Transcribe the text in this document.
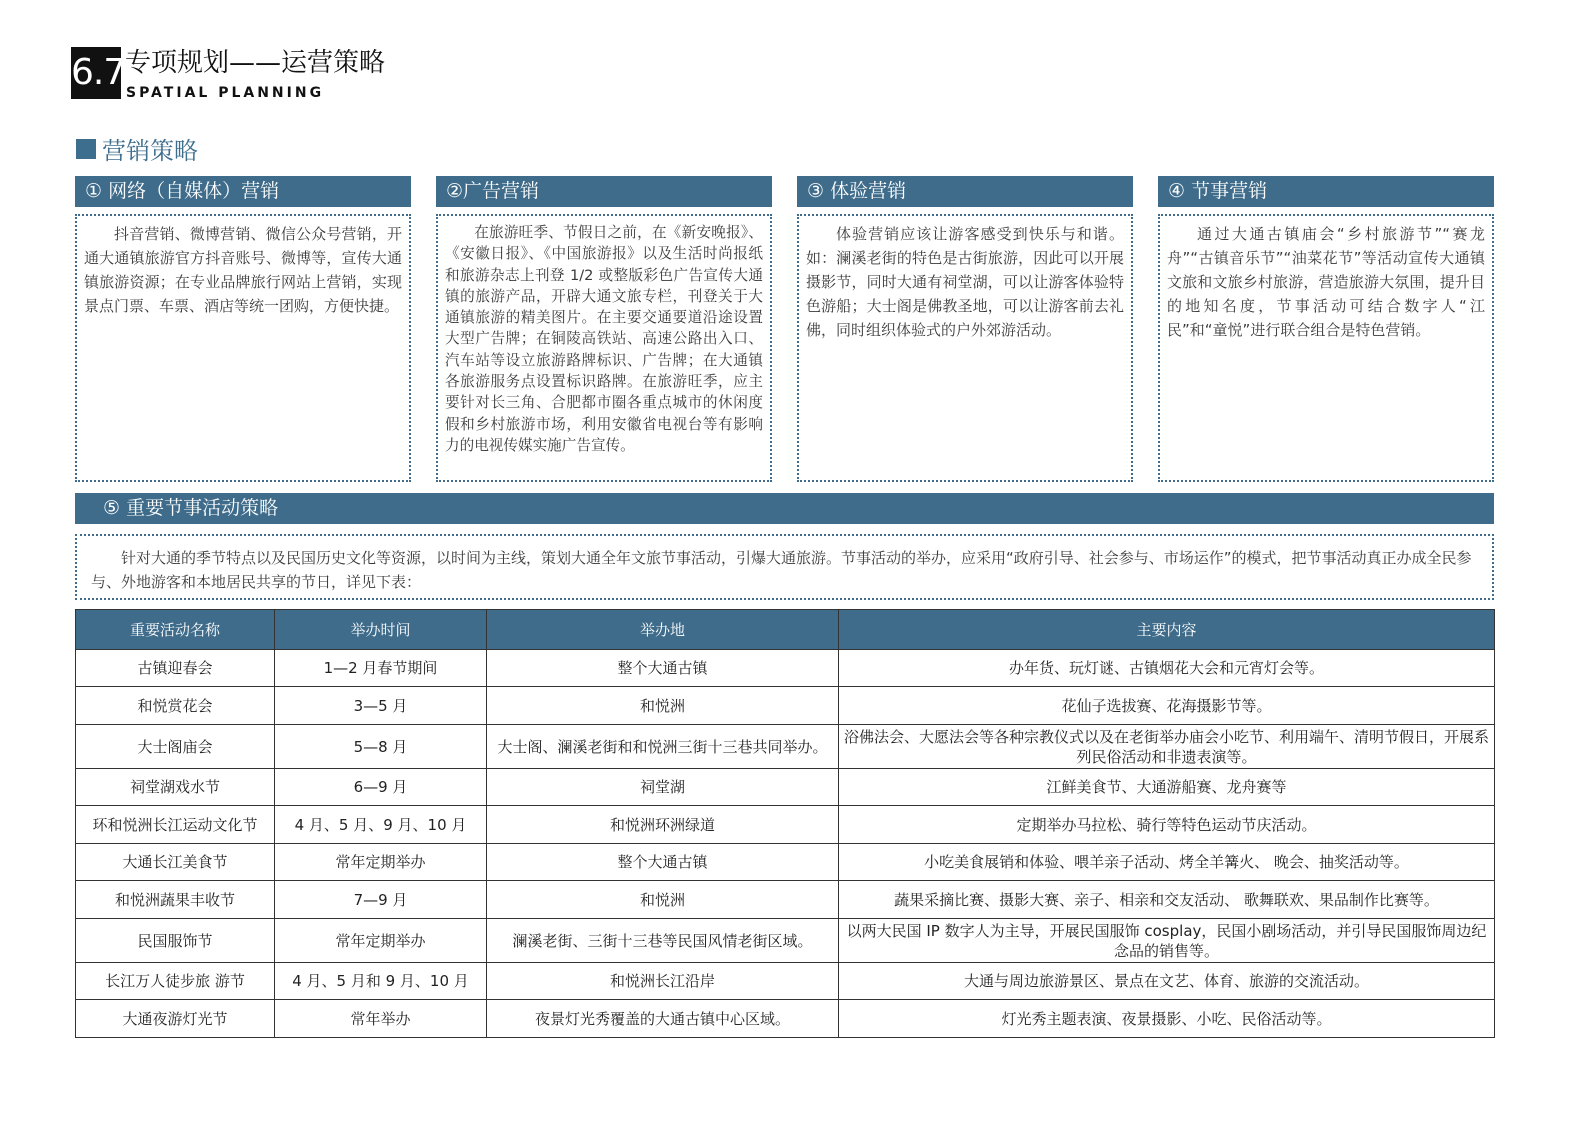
6.7 专项规划——运营策略
SPATIAL PLANNING
营销策略
① 网络（自媒体）营销
抖音营销、微博营销、微信公众号营销，开通大通镇旅游官方抖音账号、微博等，宣传大通镇旅游资源；在专业品牌旅行网站上营销，实现景点门票、车票、酒店等统一团购，方便快捷。
②广告营销
在旅游旺季、节假日之前，在《新安晚报》、《安徽日报》、《中国旅游报》以及生活时尚报纸和旅游杂志上刊登 1/2 或整版彩色广告宣传大通镇的旅游产品，开辟大通文旅专栏，刊登关于大通镇旅游的精美图片。在主要交通要道沿途设置大型广告牌；在铜陵高铁站、高速公路出入口、汽车站等设立旅游路牌标识、广告牌；在大通镇各旅游服务点设置标识路牌。在旅游旺季，应主要针对长三角、合肥都市圈各重点城市的休闲度假和乡村旅游市场，利用安徽省电视台等有影响力的电视传媒实施广告宣传。
③ 体验营销
体验营销应该让游客感受到快乐与和谐。如：澜溪老街的特色是古街旅游，因此可以开展摄影节，同时大通有祠堂湖，可以让游客体验特色游船；大士阁是佛教圣地，可以让游客前去礼佛，同时组织体验式的户外郊游活动。
④ 节事营销
通过大通古镇庙会“乡村旅游节”“赛龙舟”“古镇音乐节”“油菜花节”等活动宣传大通镇文旅和文旅乡村旅游，营造旅游大氛围，提升目的地知名度，节事活动可结合数字人“江民”和“童悦”进行联合组合是特色营销。
⑤ 重要节事活动策略
针对大通的季节特点以及民国历史文化等资源，以时间为主线，策划大通全年文旅节事活动，引爆大通旅游。节事活动的举办，应采用“政府引导、社会参与、市场运作”的模式，把节事活动真正办成全民参与、外地游客和本地居民共享的节日，详见下表：
重要活动名称	举办时间	举办地	主要内容
古镇迎春会	1—2 月春节期间	整个大通古镇	办年货、玩灯谜、古镇烟花大会和元宵灯会等。
和悦赏花会	3—5 月	和悦洲	花仙子选拔赛、花海摄影节等。
大士阁庙会	5—8 月	大士阁、澜溪老街和和悦洲三街十三巷共同举办。	浴佛法会、大愿法会等各种宗教仪式以及在老街举办庙会小吃节、利用端午、清明节假日，开展系列民俗活动和非遗表演等。
祠堂湖戏水节	6—9 月	祠堂湖	江鲜美食节、大通游船赛、龙舟赛等
环和悦洲长江运动文化节	4 月、5 月、9 月、10 月	和悦洲环洲绿道	定期举办马拉松、骑行等特色运动节庆活动。
大通长江美食节	常年定期举办	整个大通古镇	小吃美食展销和体验、喂羊亲子活动、烤全羊篝火、 晚会、抽奖活动等。
和悦洲蔬果丰收节	7—9 月	和悦洲	蔬果采摘比赛、摄影大赛、亲子、相亲和交友活动、 歌舞联欢、果品制作比赛等。
民国服饰节	常年定期举办	澜溪老街、三街十三巷等民国风情老街区域。	以两大民国 IP 数字人为主导，开展民国服饰 cosplay，民国小剧场活动，并引导民国服饰周边纪念品的销售等。
长江万人徒步旅 游节	4 月、5 月和 9 月、10 月	和悦洲长江沿岸	大通与周边旅游景区、景点在文艺、体育、旅游的交流活动。
大通夜游灯光节	常年举办	夜景灯光秀覆盖的大通古镇中心区域。	灯光秀主题表演、夜景摄影、小吃、民俗活动等。
